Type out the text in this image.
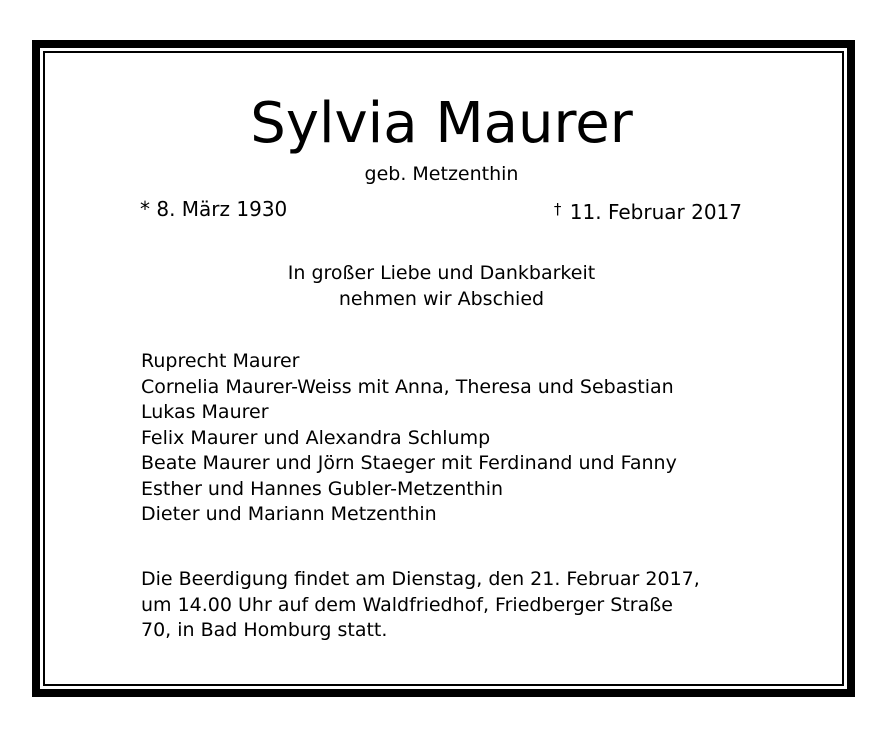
Sylvia Maurer
geb. Metzenthin
* 8. März 1930	† 11. Februar 2017
In großer Liebe und Dankbarkeit
nehmen wir Abschied
Ruprecht Maurer
Cornelia Maurer-Weiss mit Anna, Theresa und Sebastian
Lukas Maurer
Felix Maurer und Alexandra Schlump
Beate Maurer und Jörn Staeger mit Ferdinand und Fanny
Esther und Hannes Gubler-Metzenthin
Dieter und Mariann Metzenthin
Die Beerdigung findet am Dienstag, den 21. Februar 2017,
um 14.00 Uhr auf dem Waldfriedhof, Friedberger Straße
70, in Bad Homburg statt.
